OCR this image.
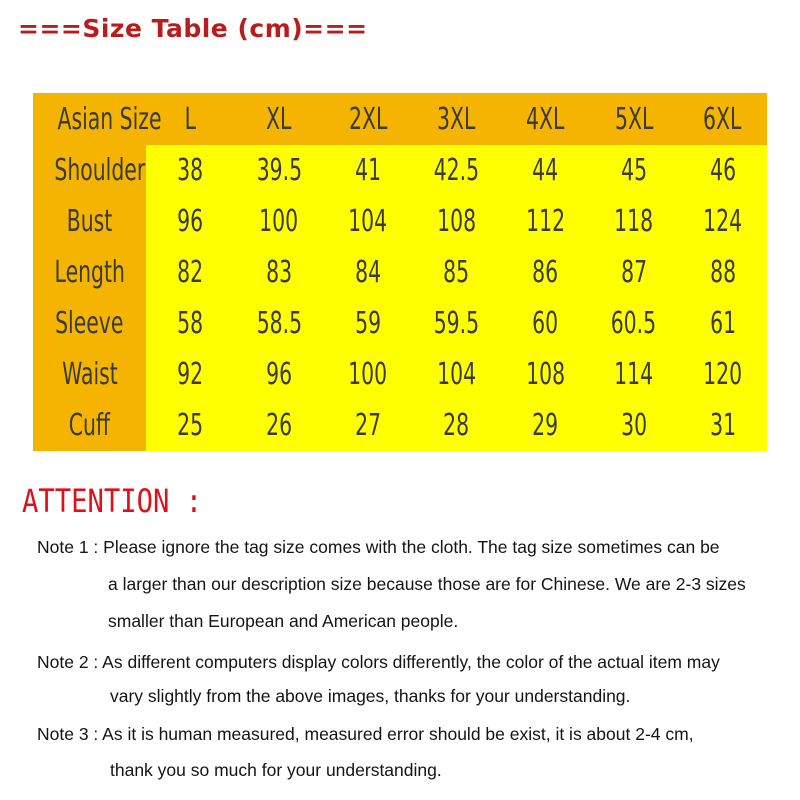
===Size Table (cm)===
Asian Size	L	XL	2XL	3XL	4XL	5XL	6XL
Shoulder	38	39.5	41	42.5	44	45	46
Bust	96	100	104	108	112	118	124
Length	82	83	84	85	86	87	88
Sleeve	58	58.5	59	59.5	60	60.5	61
Waist	92	96	100	104	108	114	120
Cuff	25	26	27	28	29	30	31
ATTENTION :
Note 1 : Please ignore the tag size comes with the cloth. The tag size sometimes can be
a larger than our description size because those are for Chinese. We are 2-3 sizes
smaller than European and American people.
Note 2 : As different computers display colors differently, the color of the actual item may
vary slightly from the above images, thanks for your understanding.
Note 3 : As it is human measured, measured error should be exist, it is about 2-4 cm,
thank you so much for your understanding.
